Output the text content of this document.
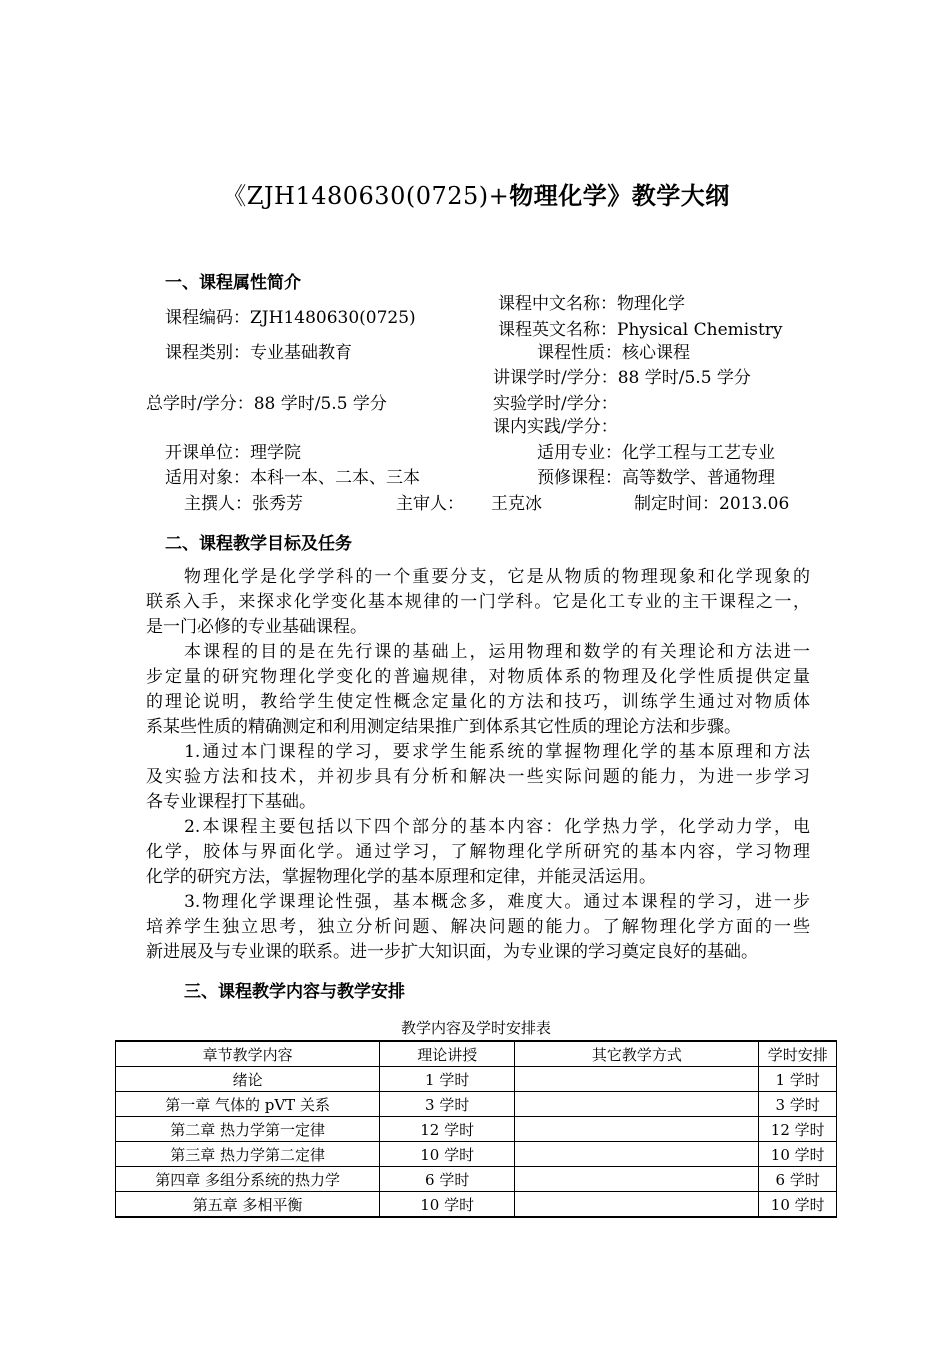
《ZJH1480630(0725)+物理化学》教学大纲
一、课程属性简介
课程编码：ZJH1480630(0725)
课程中文名称：物理化学
课程英文名称：Physical Chemistry
课程类别：专业基础教育	课程性质：核心课程
讲课学时/学分：88 学时/5.5 学分
总学时/学分：88 学时/5.5 学分	实验学时/学分：
课内实践/学分：
开课单位：理学院	适用专业：化学工程与工艺专业
适用对象：本科一本、二本、三本	预修课程：高等数学、普通物理
主撰人：张秀芳	主审人： 王克冰	制定时间：2013.06
二、课程教学目标及任务
　　物理化学是化学学科的一个重要分支，它是从物质的物理现象和化学现象的
联系入手，来探求化学变化基本规律的一门学科。它是化工专业的主干课程之一，
是一门必修的专业基础课程。
　　本课程的目的是在先行课的基础上，运用物理和数学的有关理论和方法进一
步定量的研究物理化学变化的普遍规律，对物质体系的物理及化学性质提供定量
的理论说明，教给学生使定性概念定量化的方法和技巧，训练学生通过对物质体
系某些性质的精确测定和利用测定结果推广到体系其它性质的理论方法和步骤。
　　1.通过本门课程的学习，要求学生能系统的掌握物理化学的基本原理和方法
及实验方法和技术，并初步具有分析和解决一些实际问题的能力，为进一步学习
各专业课程打下基础。
　　2.本课程主要包括以下四个部分的基本内容：化学热力学，化学动力学，电
化学，胶体与界面化学。通过学习，了解物理化学所研究的基本内容，学习物理
化学的研究方法，掌握物理化学的基本原理和定律，并能灵活运用。
　　3.物理化学课理论性强，基本概念多，难度大。通过本课程的学习，进一步
培养学生独立思考，独立分析问题、解决问题的能力。了解物理化学方面的一些
新进展及与专业课的联系。进一步扩大知识面，为专业课的学习奠定良好的基础。
三、课程教学内容与教学安排
教学内容及学时安排表
章节教学内容	理论讲授	其它教学方式	学时安排
绪论	1 学时		1 学时
第一章 气体的 pVT 关系	3 学时		3 学时
第二章 热力学第一定律	12 学时		12 学时
第三章 热力学第二定律	10 学时		10 学时
第四章 多组分系统的热力学	6 学时		6 学时
第五章 多相平衡	10 学时		10 学时
